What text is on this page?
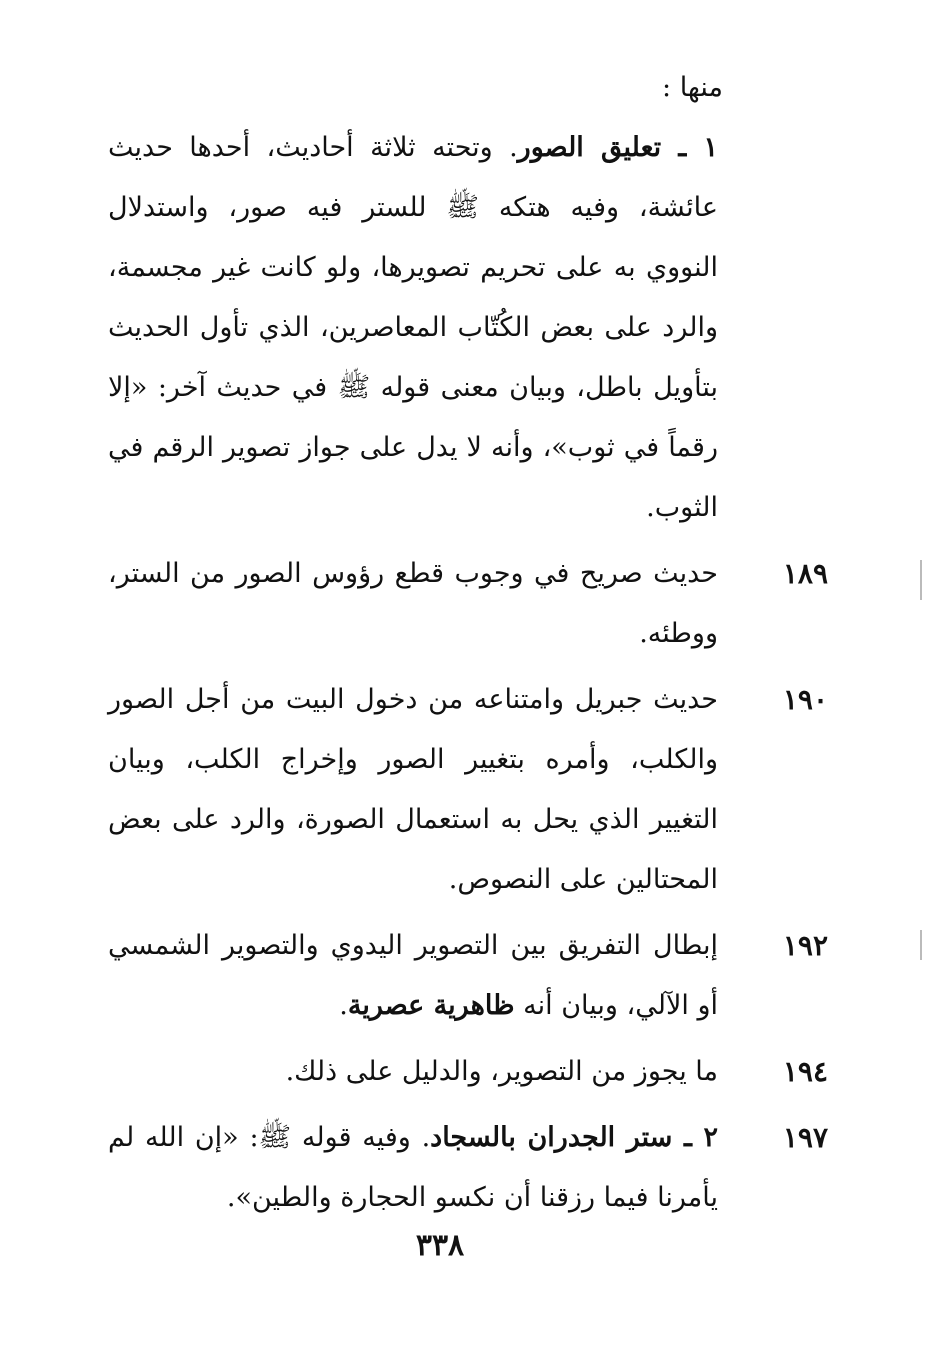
منها :
١ ـ تعليق الصور. وتحته ثلاثة أحاديث، أحدها حديث عائشة، وفيه هتكه ﷺ للستر فيه صور، واستدلال النووي به على تحريم تصويرها، ولو كانت غير مجسمة، والرد على بعض الكُتّاب المعاصرين، الذي تأول الحديث بتأويل باطل، وبيان معنى قوله ﷺ في حديث آخر: «إلا رقماً في ثوب»، وأنه لا يدل على جواز تصوير الرقم في الثوب.
١٨٩
حديث صريح في وجوب قطع رؤوس الصور من الستر، ووطئه.
١٩٠
حديث جبريل وامتناعه من دخول البيت من أجل الصور والكلب، وأمره بتغيير الصور وإخراج الكلب، وبيان التغيير الذي يحل به استعمال الصورة، والرد على بعض المحتالين على النصوص.
١٩٢
إبطال التفريق بين التصوير اليدوي والتصوير الشمسي أو الآلي، وبيان أنه ظاهرية عصرية.
١٩٤
ما يجوز من التصوير، والدليل على ذلك.
١٩٧
٢ ـ ستر الجدران بالسجاد. وفيه قوله ﷺ: «إن الله لم يأمرنا فيما رزقنا أن نكسو الحجارة والطين».
٣٣٨
